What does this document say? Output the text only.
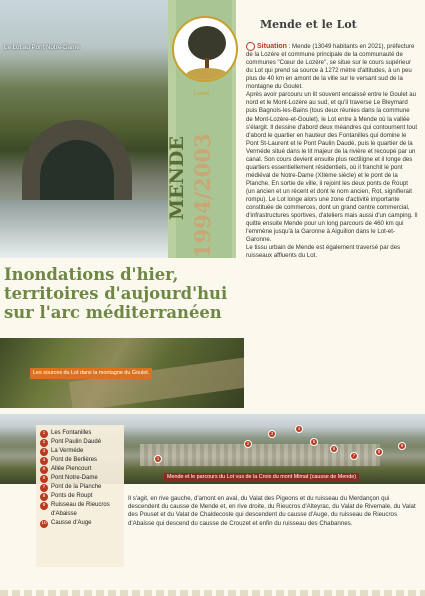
Le Lot au Pont Notre-Dame
Lozère
MENDE 1994/2003
Mende et le Lot

Situation : Mende (13049 habitants en 2021), préfecture de la Lozère et commune principale de la communauté de communes "Cœur de Lozère", se situe sur le cours supérieur du Lot qui prend sa source à 1272 mètre d'altitudes, à un peu plus de 40 km en amont de la ville sur le versant sud de la montagne du Goulet.

Après avoir parcouru un lit souvent encaissé entre le Goulet au nord et le Mont-Lozère au sud, et qu'il traverse Le Bleymard puis Bagnols-les-Bains (tous deux réunies dans la commune de Mont-Lozère-et-Goulet), le Lot entre à Mende où la vallée s'élargit. Il dessine d'abord deux méandres qui contournent tout d'abord le quartier en hauteur des Fontanilles qui domine le Pont St-Laurent et le Pont Paulin Daudé, puis le quartier de la Verméde situé dans le lit majeur de la rivière et recoupé par un canal. Son cours devient ensuite plus rectiligne et il longe des quartiers essentiellement résidentiels, où il franchit le pont médiéval de Notre-Dame (XIIème siècle) et le pont de la Planche. En sortie de ville, il rejoint les deux ponts de Roupt (un ancien et un récent et dont le nom ancien, Rot, signifierait rompu). Le Lot longe alors une zone d'activité importante constituée de commerces, dont un grand centre commercial, d'infrastructures sportives, d'ateliers mais aussi d'un camping. Il quitte ensuite Mende pour un long parcours de 460 km qui l'emmène jusqu'à la Garonne à Aiguillon dans le Lot-et-Garonne.

Le tissu urbain de Mende est également traversé par des ruisseaux affluents du Lot.

Inondations d'hier, territoires d'aujourd'hui sur l'arc méditerranéen
Les sources du Lot dans la montagne du Goulet.
1
2
3
4
5
6
7
8
9
Mende et le parcours du Lot vus de la Croix du mont Mimat (causse de Mende)
1 Les Fontanilles
2 Pont Paulin Daudé
3 La Verméde
4 Pont de Berlières
5 Allée Piencourt
6 Pont Notre-Dame
7 Pont de la Planche
8 Ponts de Roupt
9 Ruisseau de Rieucros d'Abaisse
10 Causse d'Auge
Il s'agit, en rive gauche, d'amont en aval, du Valat des Pigeons et du ruisseau du Merdançon qui descendent du causse de Mende et, en rive droite, du Rieucros d'Alteyrac, du Valat de Rivemale, du Valat des Pouset et du Valat de Chaldecoste qui descendent du causse d'Auge, du ruisseau de Rieucros d'Abaisse qui descend du causse de Crouzet et enfin du ruisseau des Chabannes.
